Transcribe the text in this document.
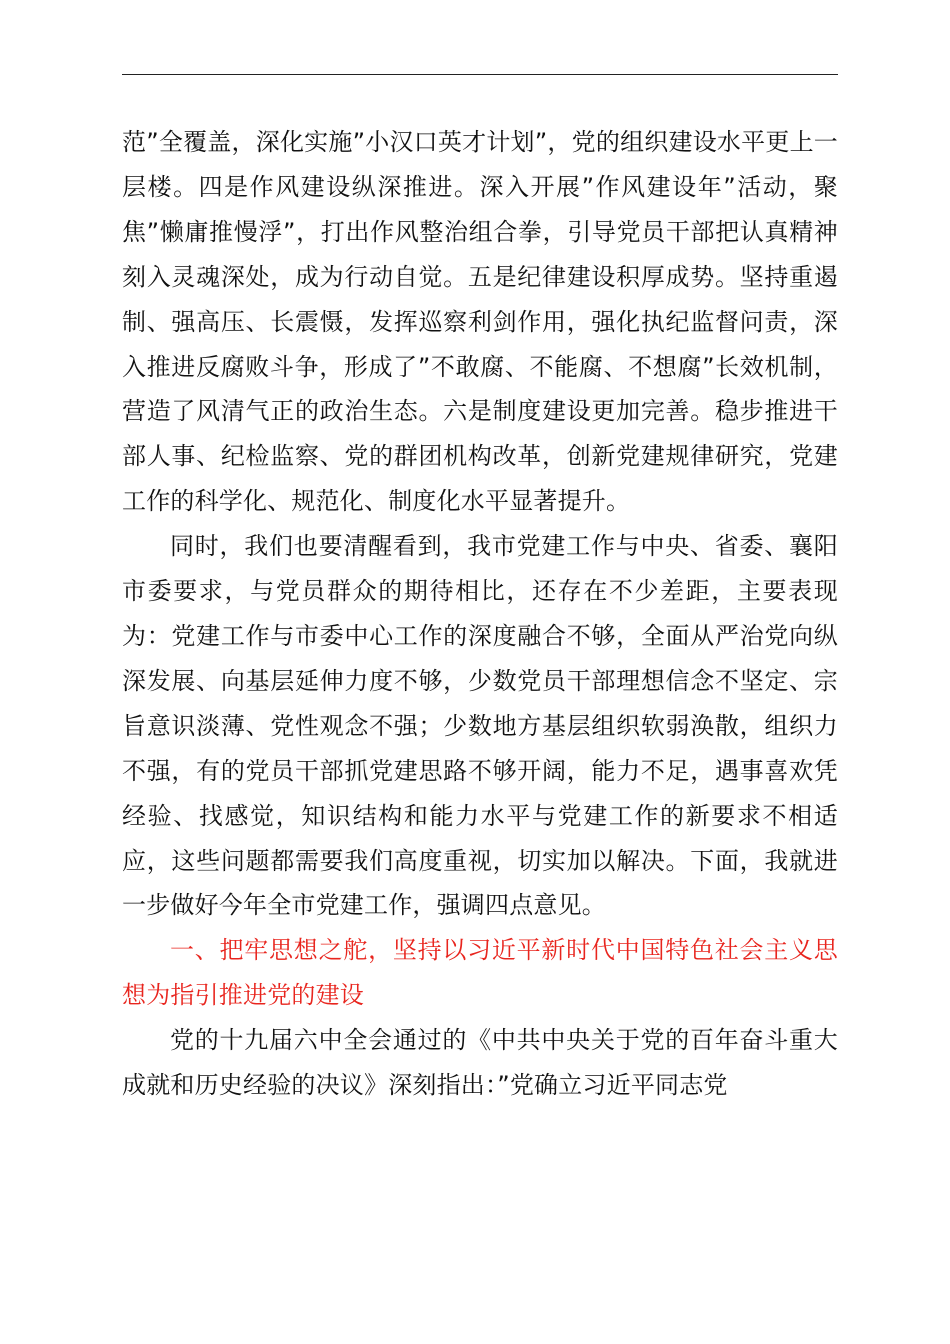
范”全覆盖，深化实施”小汉口英才计划”，党的组织建设水平更上一层楼。四是作风建设纵深推进。深入开展”作风建设年”活动，聚焦”懒庸推慢浮”，打出作风整治组合拳，引导党员干部把认真精神刻入灵魂深处，成为行动自觉。五是纪律建设积厚成势。坚持重遏制、强高压、长震慑，发挥巡察利剑作用，强化执纪监督问责，深入推进反腐败斗争，形成了”不敢腐、不能腐、不想腐”长效机制，营造了风清气正的政治生态。六是制度建设更加完善。稳步推进干部人事、纪检监察、党的群团机构改革，创新党建规律研究，党建工作的科学化、规范化、制度化水平显著提升。

同时，我们也要清醒看到，我市党建工作与中央、省委、襄阳市委要求，与党员群众的期待相比，还存在不少差距，主要表现为：党建工作与市委中心工作的深度融合不够，全面从严治党向纵深发展、向基层延伸力度不够，少数党员干部理想信念不坚定、宗旨意识淡薄、党性观念不强；少数地方基层组织软弱涣散，组织力不强，有的党员干部抓党建思路不够开阔，能力不足，遇事喜欢凭经验、找感觉，知识结构和能力水平与党建工作的新要求不相适应，这些问题都需要我们高度重视，切实加以解决。下面，我就进一步做好今年全市党建工作，强调四点意见。

一、把牢思想之舵，坚持以习近平新时代中国特色社会主义思想为指引推进党的建设

党的十九届六中全会通过的《中共中央关于党的百年奋斗重大成就和历史经验的决议》深刻指出：”党确立习近平同志党
